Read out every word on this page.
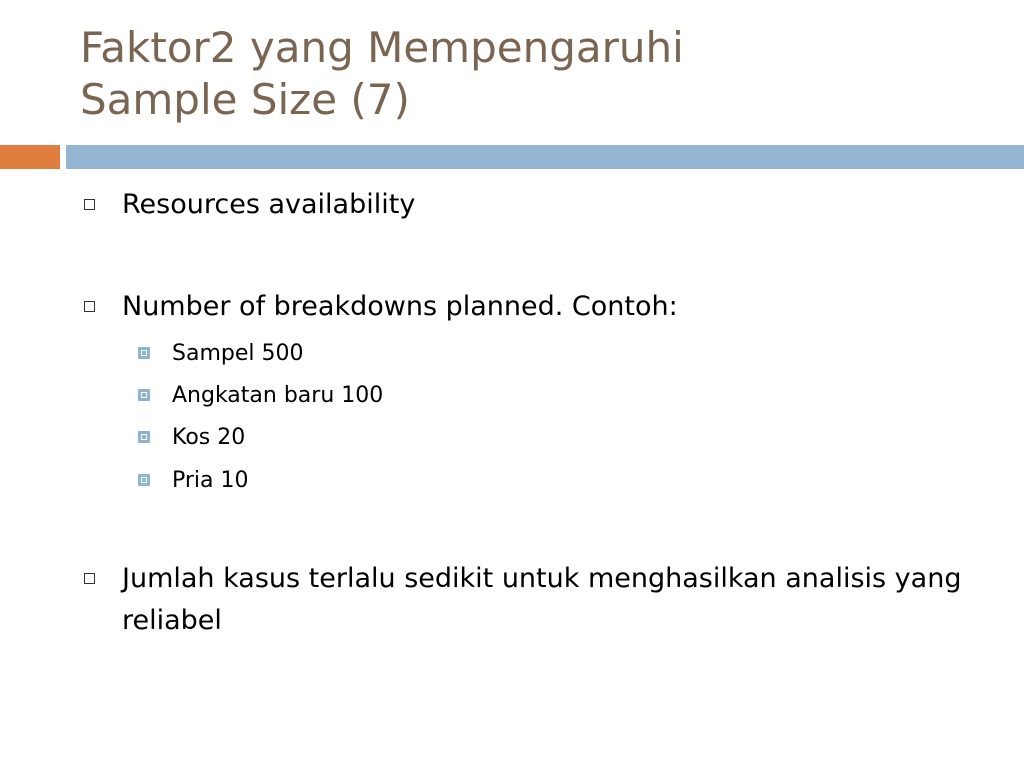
Faktor2 yang Mempengaruhi
Sample Size (7)
Resources availability
Number of breakdowns planned. Contoh:
Sampel 500
Angkatan baru 100
Kos 20
Pria 10
Jumlah kasus terlalu sedikit untuk menghasilkan analisis yang reliabel
